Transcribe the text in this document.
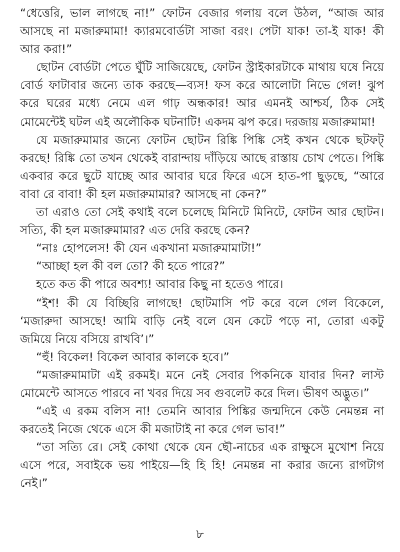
“ধেত্তেরি, ভাল লাগছে না!” ফোটন বেজার গলায় বলে উঠল, “আজ আর আসছে না মজারুমামা! ক্যারমবোর্ডটা সাজা বরং। পেটা যাক! তা-ই যাক! কী আর করা!”

ছোটন বোর্ডটা পেতে ঘুঁটি সাজিয়েছে, ফোটন স্ট্রাইকারটাকে মাথায় ঘষে নিয়ে বোর্ড ফাটাবার জন্যে তাক করছে—ব্যস! ফস করে আলোটা নিভে গেল! ঝুপ করে ঘরের মধ্যে নেমে এল গাঢ় অন্ধকার! আর এমনই আশ্চর্য, ঠিক সেই মোমেন্টেই ঘটল এই অলৌকিক ঘটনাটি! একদম ঝপ করে। দরজায় মজারুমামা!

যে মজারুমামার জন্যে ফোটন ছোটন রিঙ্কি পিঙ্কি সেই কখন থেকে ছটফট্ করছে! রিঙ্কি তো তখন থেকেই বারান্দায় দাঁড়িয়ে আছে রাস্তায় চোখ পেতে। পিঙ্কি একবার করে ছুটে যাচ্ছে আর আবার ঘরে ফিরে এসে হাত-পা ছুড়ছে, “আরে বাবা রে বাবা! কী হল মজারুমামার? আসছে না কেন?”

তা এরাও তো সেই কথাই বলে চলেছে মিনিটে মিনিটে, ফোটন আর ছোটন। সত্যি, কী হল মজারুমামার? এত দেরি করছে কেন?

“নাঃ হোপলেস! কী যেন একখানা মজারুমামাটা!”

“আচ্ছা হল কী বল তো? কী হতে পারে?”

হতে কত কী পারে অবশ্য! আবার কিছু না হতেও পারে।

“ইশ! কী যে বিচ্ছিরি লাগছে! ছোটমাসি পট করে বলে গেল বিকেলে, ‘মজারুদা আসছে! আমি বাড়ি নেই বলে যেন কেটে পড়ে না, তোরা একটু জমিয়ে নিয়ে বসিয়ে রাখবি’।”

“হুঁ! বিকেল! বিকেল আবার কালকে হবে।”

“মজারুমামাটা এই রকমই। মনে নেই সেবার পিকনিকে যাবার দিন? লাস্ট মোমেন্টে আসতে পারবে না খবর দিয়ে সব গুবলেট করে দিল। ভীষণ অদ্ভুত।”

“এই এ রকম বলিস না! তেমনি আবার পিঙ্কির জন্মদিনে কেউ নেমন্তন্ন না করতেই নিজে থেকে এসে কী মজাটাই না করে গেল ভাব!”

“তা সত্যি রে। সেই কোথা থেকে যেন ছৌ-নাচের এক রাক্ষুসে মুখোশ নিয়ে এসে পরে, সবাইকে ভয় পাইয়ে—হি হি হি! নেমন্তন্ন না করার জন্যে রাগটাগ নেই।”

৮
